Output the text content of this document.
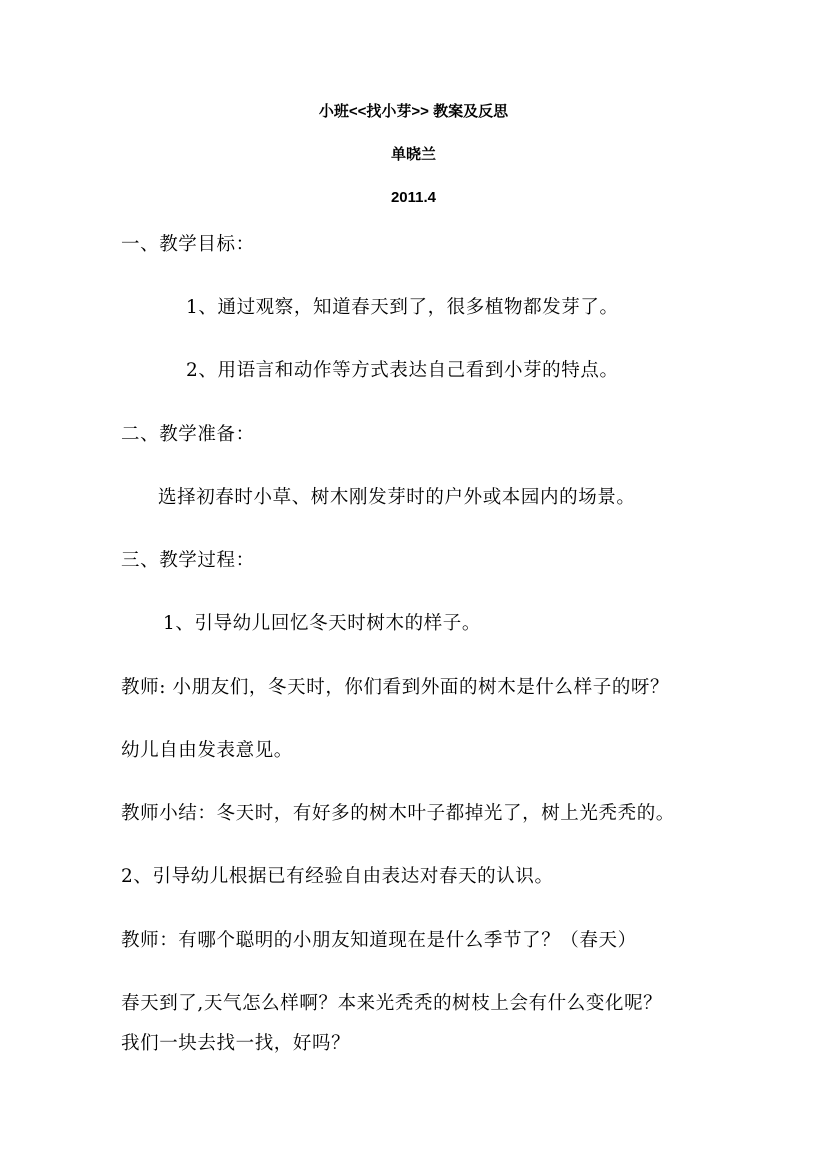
小班<<找小芽>> 教案及反思
单晓兰
2011.4
一、教学目标：
1、通过观察，知道春天到了，很多植物都发芽了。
2、用语言和动作等方式表达自己看到小芽的特点。
二、教学准备：
选择初春时小草、树木刚发芽时的户外或本园内的场景。
三、教学过程：
1、引导幼儿回忆冬天时树木的样子。
教师: 小朋友们，冬天时，你们看到外面的树木是什么样子的呀？
幼儿自由发表意见。
教师小结：冬天时，有好多的树木叶子都掉光了，树上光秃秃的。
2、引导幼儿根据已有经验自由表达对春天的认识。
教师：有哪个聪明的小朋友知道现在是什么季节了？（春天）
春天到了,天气怎么样啊？本来光秃秃的树枝上会有什么变化呢？
我们一块去找一找，好吗？
